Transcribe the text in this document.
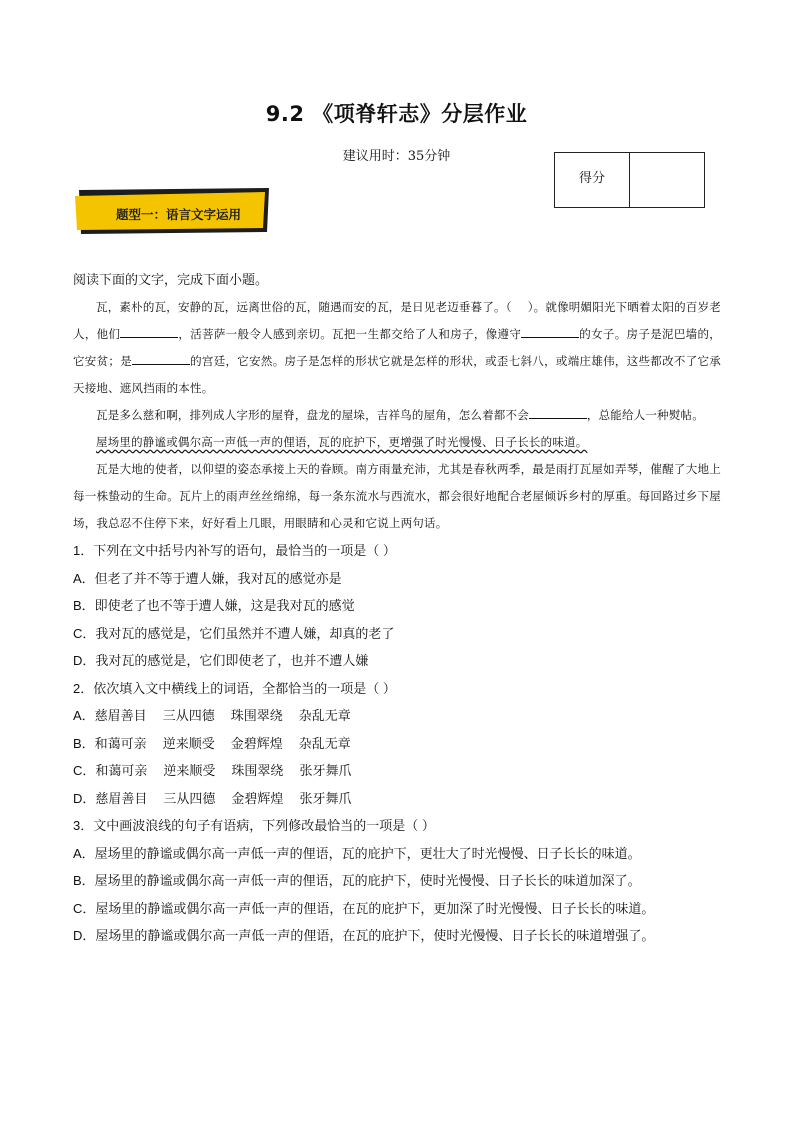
9.2 《项脊轩志》分层作业
建议用时：35分钟
得分
题型一：语言文字运用

阅读下面的文字，完成下面小题。

瓦，素朴的瓦，安静的瓦，远离世俗的瓦，随遇而安的瓦，是日见老迈垂暮了。（ ）。就像明媚阳光下晒着太阳的百岁老人，他们	，活菩萨一般令人感到亲切。瓦把一生都交给了人和房子，像遵守	的女子。房子是泥巴墙的，它安贫；是	的宫廷，它安然。房子是怎样的形状它就是怎样的形状，或歪七斜八，或端庄雄伟，这些都改不了它承天接地、遮风挡雨的本性。

瓦是多么慈和啊，排列成人字形的屋脊，盘龙的屋垛，吉祥鸟的屋角，怎么着都不会	，总能给人一种熨帖。

屋场里的静谧或偶尔高一声低一声的俚语，瓦的庇护下，更增强了时光慢慢、日子长长的味道。

瓦是大地的使者，以仰望的姿态承接上天的眷顾。南方雨量充沛，尤其是春秋两季，最是雨打瓦屋如弄琴，催醒了大地上每一株蛰动的生命。瓦片上的雨声丝丝绵绵，每一条东流水与西流水，都会很好地配合老屋倾诉乡村的厚重。每回路过乡下屋场，我总忍不住停下来，好好看上几眼，用眼睛和心灵和它说上两句话。

1．下列在文中括号内补写的语句，最恰当的一项是（ ）
A．但老了并不等于遭人嫌，我对瓦的感觉亦是
B．即使老了也不等于遭人嫌，这是我对瓦的感觉
C．我对瓦的感觉是，它们虽然并不遭人嫌，却真的老了
D．我对瓦的感觉是，它们即使老了，也并不遭人嫌
2．依次填入文中横线上的词语，全都恰当的一项是（ ）
A．慈眉善目 三从四德 珠围翠绕 杂乱无章
B．和蔼可亲 逆来顺受 金碧辉煌 杂乱无章
C．和蔼可亲 逆来顺受 珠围翠绕 张牙舞爪
D．慈眉善目 三从四德 金碧辉煌 张牙舞爪
3．文中画波浪线的句子有语病，下列修改最恰当的一项是（ ）
A．屋场里的静谧或偶尔高一声低一声的俚语，瓦的庇护下，更壮大了时光慢慢、日子长长的味道。
B．屋场里的静谧或偶尔高一声低一声的俚语，瓦的庇护下，使时光慢慢、日子长长的味道加深了。
C．屋场里的静谧或偶尔高一声低一声的俚语，在瓦的庇护下，更加深了时光慢慢、日子长长的味道。
D．屋场里的静谧或偶尔高一声低一声的俚语，在瓦的庇护下，使时光慢慢、日子长长的味道增强了。
